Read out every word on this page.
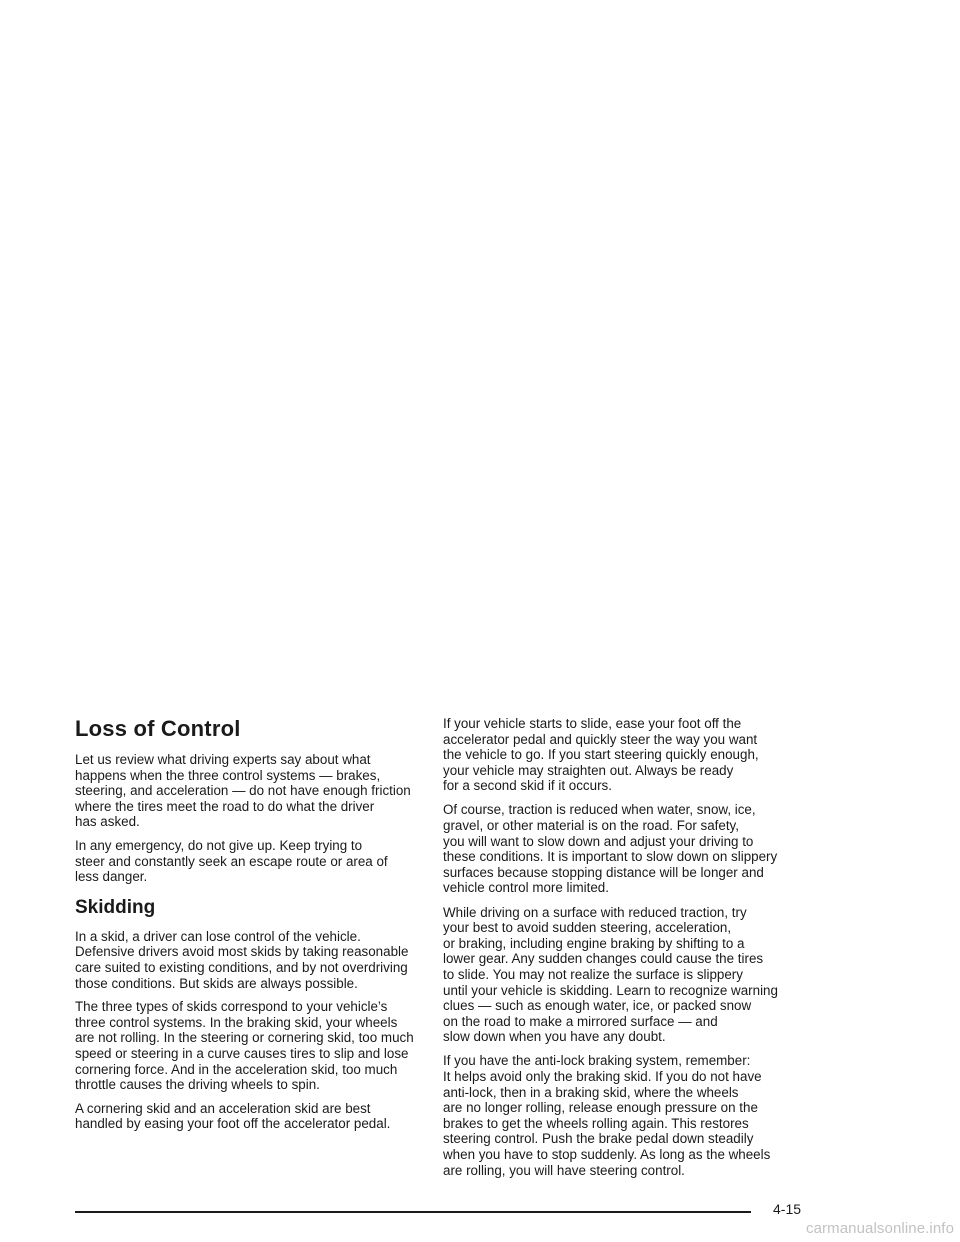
Loss of Control

Let us review what driving experts say about what
happens when the three control systems — brakes,
steering, and acceleration — do not have enough friction
where the tires meet the road to do what the driver
has asked.

In any emergency, do not give up. Keep trying to
steer and constantly seek an escape route or area of
less danger.

Skidding

In a skid, a driver can lose control of the vehicle.
Defensive drivers avoid most skids by taking reasonable
care suited to existing conditions, and by not overdriving
those conditions. But skids are always possible.

The three types of skids correspond to your vehicle’s
three control systems. In the braking skid, your wheels
are not rolling. In the steering or cornering skid, too much
speed or steering in a curve causes tires to slip and lose
cornering force. And in the acceleration skid, too much
throttle causes the driving wheels to spin.

A cornering skid and an acceleration skid are best
handled by easing your foot off the accelerator pedal.

If your vehicle starts to slide, ease your foot off the
accelerator pedal and quickly steer the way you want
the vehicle to go. If you start steering quickly enough,
your vehicle may straighten out. Always be ready
for a second skid if it occurs.

Of course, traction is reduced when water, snow, ice,
gravel, or other material is on the road. For safety,
you will want to slow down and adjust your driving to
these conditions. It is important to slow down on slippery
surfaces because stopping distance will be longer and
vehicle control more limited.

While driving on a surface with reduced traction, try
your best to avoid sudden steering, acceleration,
or braking, including engine braking by shifting to a
lower gear. Any sudden changes could cause the tires
to slide. You may not realize the surface is slippery
until your vehicle is skidding. Learn to recognize warning
clues — such as enough water, ice, or packed snow
on the road to make a mirrored surface — and
slow down when you have any doubt.

If you have the anti-lock braking system, remember:
It helps avoid only the braking skid. If you do not have
anti-lock, then in a braking skid, where the wheels
are no longer rolling, release enough pressure on the
brakes to get the wheels rolling again. This restores
steering control. Push the brake pedal down steadily
when you have to stop suddenly. As long as the wheels
are rolling, you will have steering control.

4-15
carmanualsonline.info
